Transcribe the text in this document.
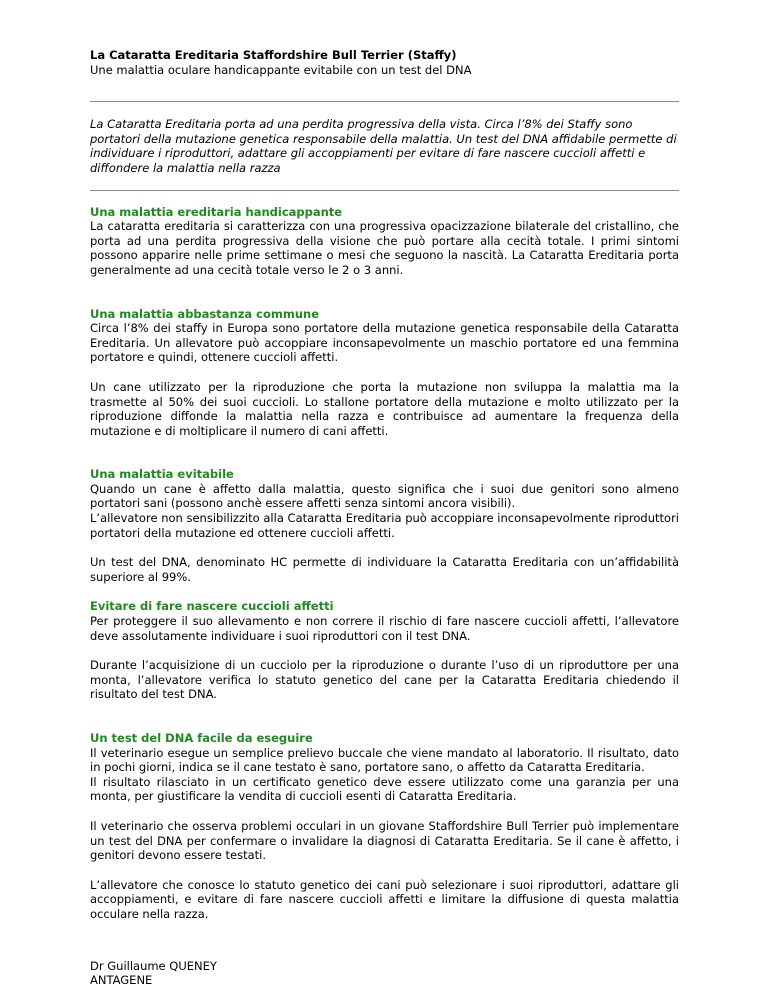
La Cataratta Ereditaria Staffordshire Bull Terrier (Staffy)

Une malattia oculare handicappante evitabile con un test del DNA

La Cataratta Ereditaria porta ad una perdita progressiva della vista. Circa l’8% dei Staffy sono portatori della mutazione genetica responsabile della malattia. Un test del DNA affidabile permette di individuare i riproduttori, adattare gli accoppiamenti per evitare di fare nascere cuccioli affetti e diffondere la malattia nella razza

Una malattia ereditaria handicappante

La cataratta ereditaria si caratterizza con una progressiva opacizzazione bilaterale del cristallino, che porta ad una perdita progressiva della visione che può portare alla cecità totale. I primi sintomi possono apparire nelle prime settimane o mesi che seguono la nascità. La Cataratta Ereditaria porta generalmente ad una cecità totale verso le 2 o 3 anni.

Una malattia abbastanza commune

Circa l’8% dei staffy in Europa sono portatore della mutazione genetica responsabile della Cataratta Ereditaria. Un allevatore può accoppiare inconsapevolmente un maschio portatore ed una femmina portatore e quindi, ottenere cuccioli affetti.

Un cane utilizzato per la riproduzione che porta la mutazione non sviluppa la malattia ma la trasmette al 50% dei suoi cuccioli. Lo stallone portatore della mutazione e molto utilizzato per la riproduzione diffonde la malattia nella razza e contribuisce ad aumentare la frequenza della mutazione e di moltiplicare il numero di cani affetti.

Una malattia evitabile

Quando un cane è affetto dalla malattia, questo significa che i suoi due genitori sono almeno portatori sani (possono anchè essere affetti senza sintomi ancora visibili).

L’allevatore non sensibilizzito alla Cataratta Ereditaria può accoppiare inconsapevolmente riproduttori portatori della mutazione ed ottenere cuccioli affetti.

Un test del DNA, denominato HC permette di individuare la Cataratta Ereditaria con un’affidabilità superiore al 99%.

Evitare di fare nascere cuccioli affetti

Per proteggere il suo allevamento e non correre il rischio di fare nascere cuccioli affetti, l’allevatore deve assolutamente individuare i suoi riproduttori con il test DNA.

Durante l’acquisizione di un cucciolo per la riproduzione o durante l’uso di un riproduttore per una monta, l’allevatore verifica lo statuto genetico del cane per la Cataratta Ereditaria chiedendo il risultato del test DNA.

Un test del DNA facile da eseguire

Il veterinario esegue un semplice prelievo buccale che viene mandato al laboratorio. Il risultato, dato in pochi giorni, indica se il cane testato è sano, portatore sano, o affetto da Cataratta Ereditaria.

Il risultato rilasciato in un certificato genetico deve essere utilizzato come una garanzia per una monta, per giustificare la vendita di cuccioli esenti di Cataratta Ereditaria.

Il veterinario che osserva problemi occulari in un giovane Staffordshire Bull Terrier può implementare un test del DNA per confermare o invalidare la diagnosi di Cataratta Ereditaria. Se il cane è affetto, i genitori devono essere testati.

L’allevatore che conosce lo statuto genetico dei cani può selezionare i suoi riproduttori, adattare gli accoppiamenti, e evitare di fare nascere cuccioli affetti e limitare la diffusione di questa malattia occulare nella razza.

Dr Guillaume QUENEY

ANTAGENE
